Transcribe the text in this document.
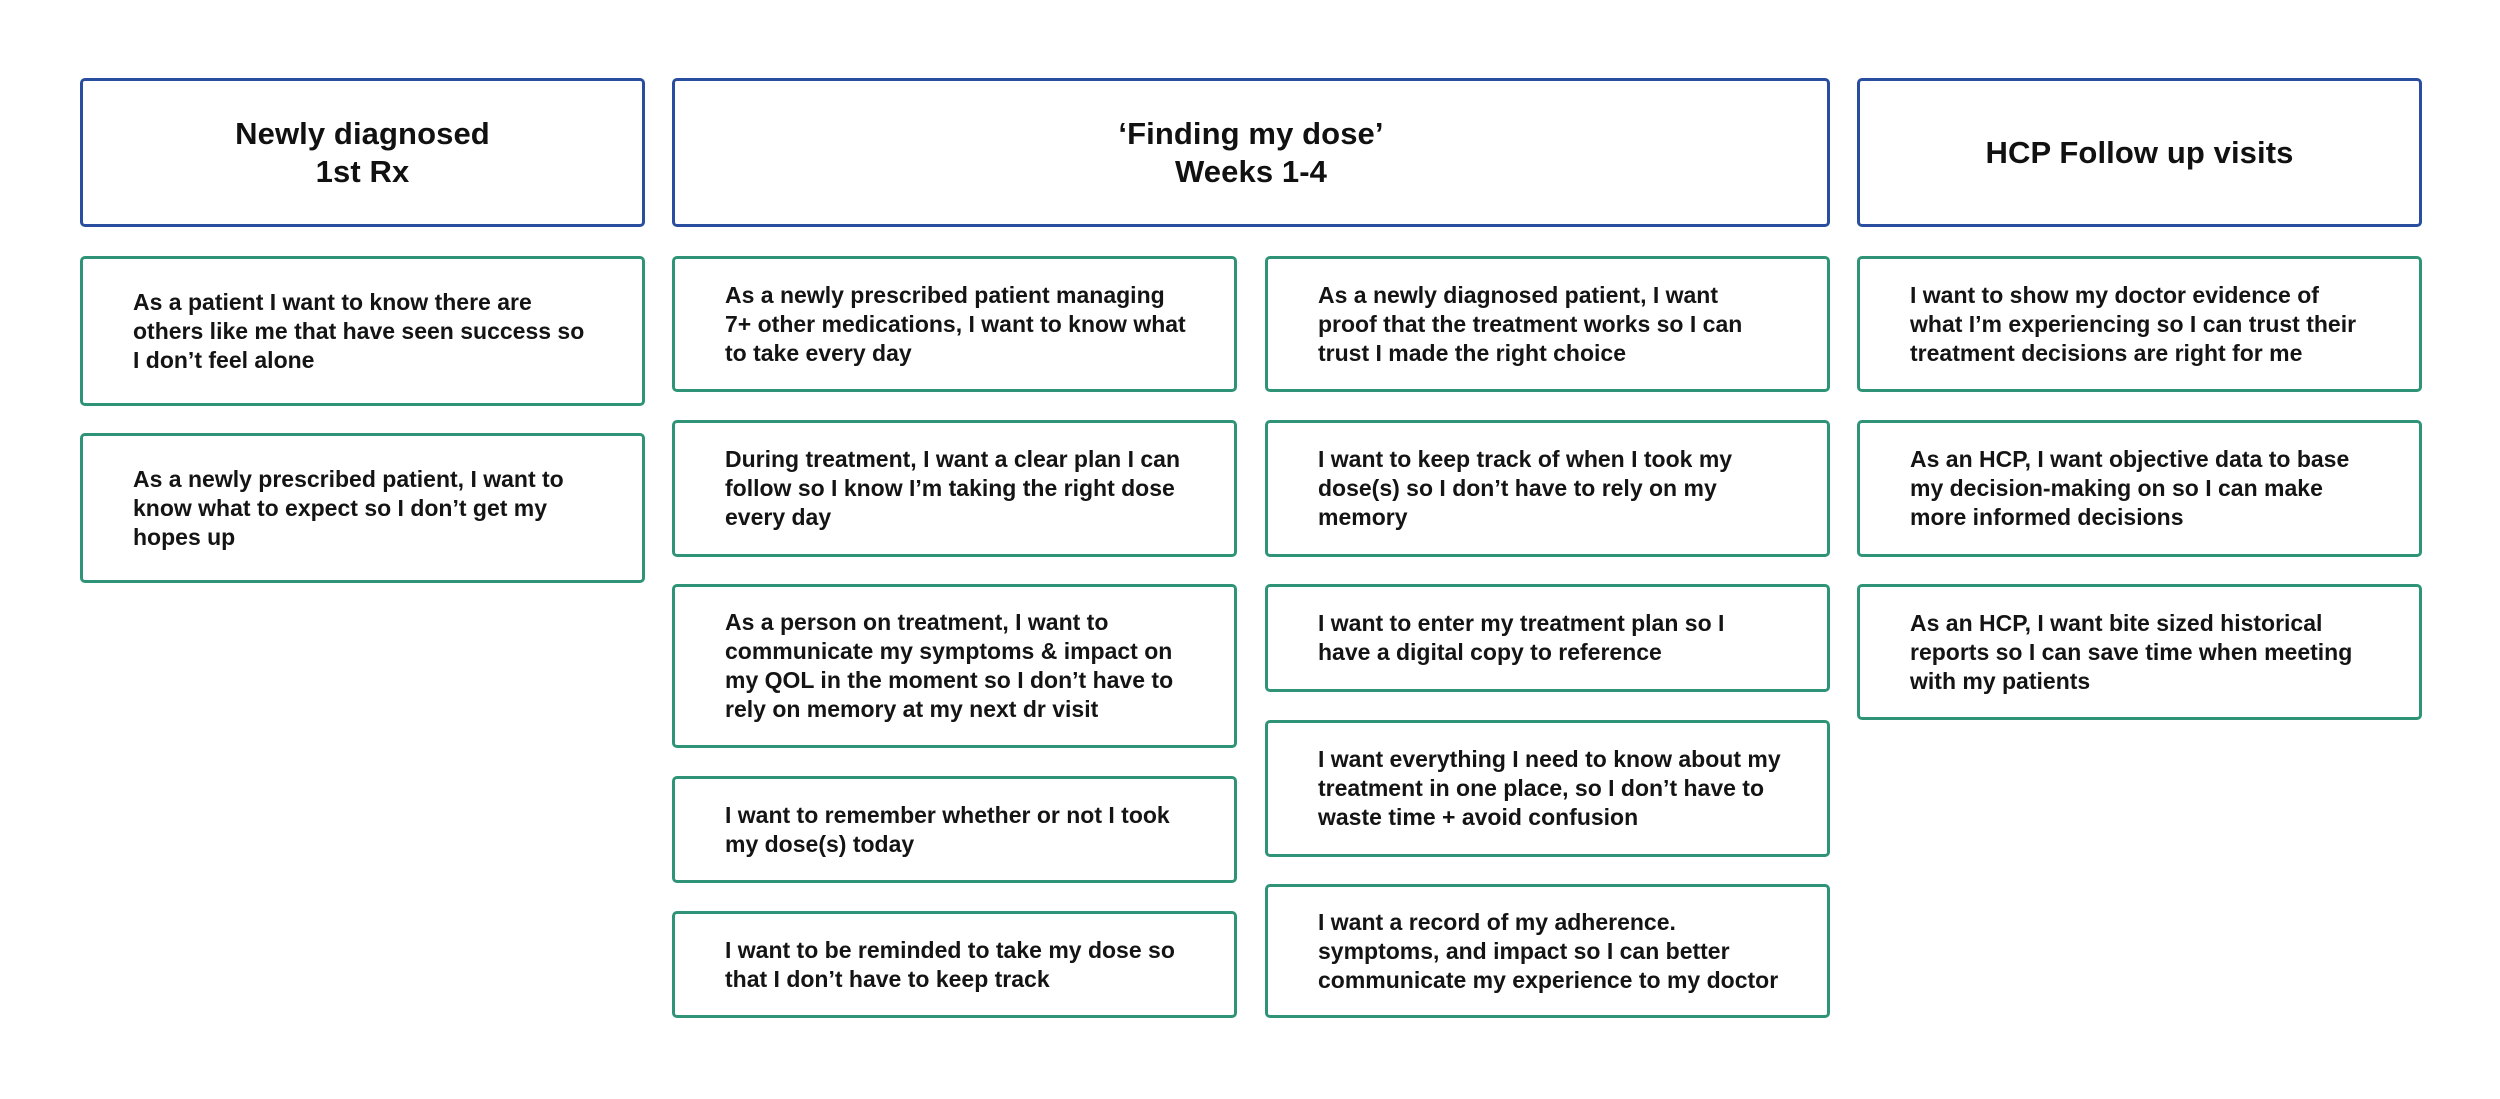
Newly diagnosed
1st Rx
‘Finding my dose’
Weeks 1-4
HCP Follow up visits
As a patient I want to know there are others like me that have seen success so I don’t feel alone
As a newly prescribed patient, I want to know what to expect so I don’t get my hopes up
As a newly prescribed patient managing 7+ other medications, I want to know what to take every day
During treatment, I want a clear plan I can follow so I know I’m taking the right dose every day
As a person on treatment, I want to communicate my symptoms & impact on my QOL in the moment so I don’t have to rely on memory at my next dr visit
I want to remember whether or not I took my dose(s) today
I want to be reminded to take my dose so that I don’t have to keep track
As a newly diagnosed patient, I want proof that the treatment works so I can trust I made the right choice
I want to keep track of when I took my dose(s) so I don’t have to rely on my memory
I want to enter my treatment plan so I have a digital copy to reference
I want everything I need to know about my treatment in one place, so I don’t have to waste time + avoid confusion
I want a record of my adherence. symptoms, and impact so I can better communicate my experience to my doctor
I want to show my doctor evidence of what I’m experiencing so I can trust their treatment decisions are right for me
As an HCP, I want objective data to base my decision-making on so I can make more informed decisions
As an HCP, I want bite sized historical reports so I can save time when meeting with my patients
